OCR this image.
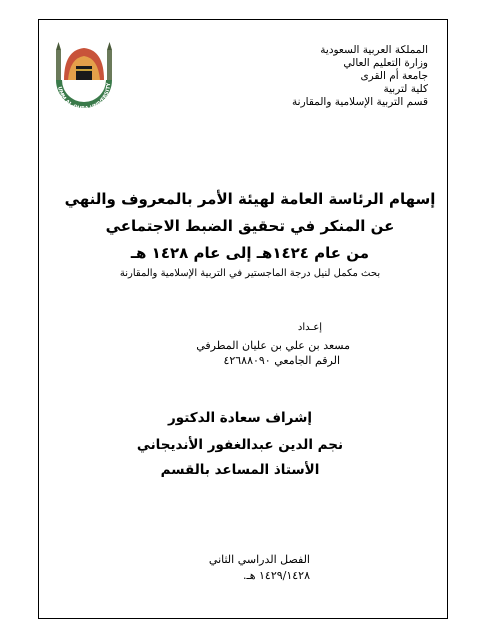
UMM AL-QURA UNIVERSITY
المملكة العربية السعودية
وزارة التعليم العالي
جامعة أم القرى
كلية لتربية
قسم التربية الإسلامية والمقارنة
إسهام الرئاسة العامة لهيئة الأمر بالمعروف والنهي
عن المنكر في تحقيق الضبط الاجتماعي
من عام ١٤٢٤هـ إلى عام ١٤٢٨ هـ
بحث مكمل لنيل درجة الماجستير في التربية الإسلامية والمقارنة
إعـداد
مسعد بن علي بن عليان المطرفي
الرقم الجامعي ٤٢٦٨٨٠٩٠
إشراف سعادة الدكتور
نجم الدين عبدالغفور الأنديجاني
الأستاذ المساعد بالقسم
الفصل الدراسي الثاني
١٤٢٩/١٤٢٨ هـ.
